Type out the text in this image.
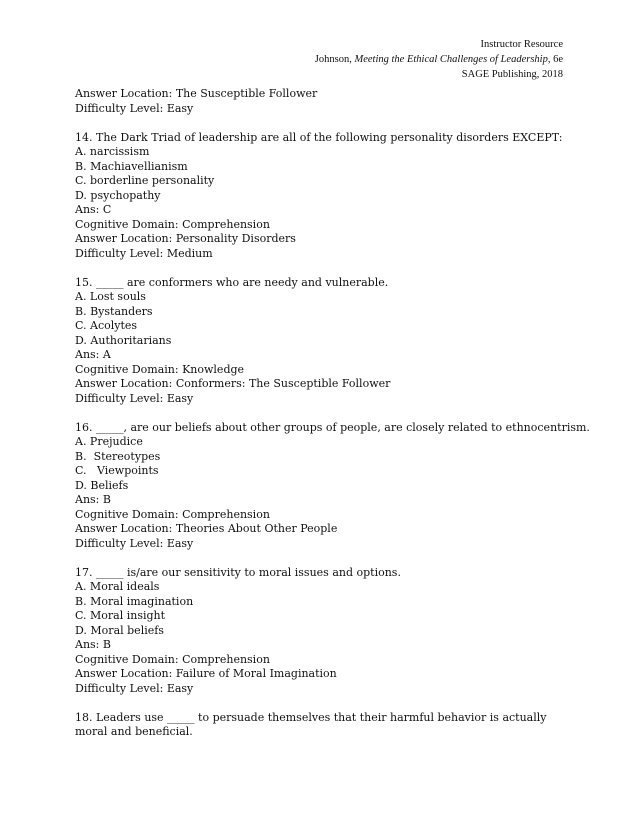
Instructor Resource
Johnson, Meeting the Ethical Challenges of Leadership, 6e
SAGE Publishing, 2018
Answer Location: The Susceptible Follower
Difficulty Level: Easy
14. The Dark Triad of leadership are all of the following personality disorders EXCEPT:
A. narcissism
B. Machiavellianism
C. borderline personality
D. psychopathy
Ans: C
Cognitive Domain: Comprehension
Answer Location: Personality Disorders
Difficulty Level: Medium
15. _____ are conformers who are needy and vulnerable.
A. Lost souls
B. Bystanders
C. Acolytes
D. Authoritarians
Ans: A
Cognitive Domain: Knowledge
Answer Location: Conformers: The Susceptible Follower
Difficulty Level: Easy
16. _____, are our beliefs about other groups of people, are closely related to ethnocentrism.
A. Prejudice
B.  Stereotypes
C.   Viewpoints
D. Beliefs
Ans: B
Cognitive Domain: Comprehension
Answer Location: Theories About Other People
Difficulty Level: Easy
17. _____ is/are our sensitivity to moral issues and options.
A. Moral ideals
B. Moral imagination
C. Moral insight
D. Moral beliefs
Ans: B
Cognitive Domain: Comprehension
Answer Location: Failure of Moral Imagination
Difficulty Level: Easy
18. Leaders use _____ to persuade themselves that their harmful behavior is actually moral and beneficial.
